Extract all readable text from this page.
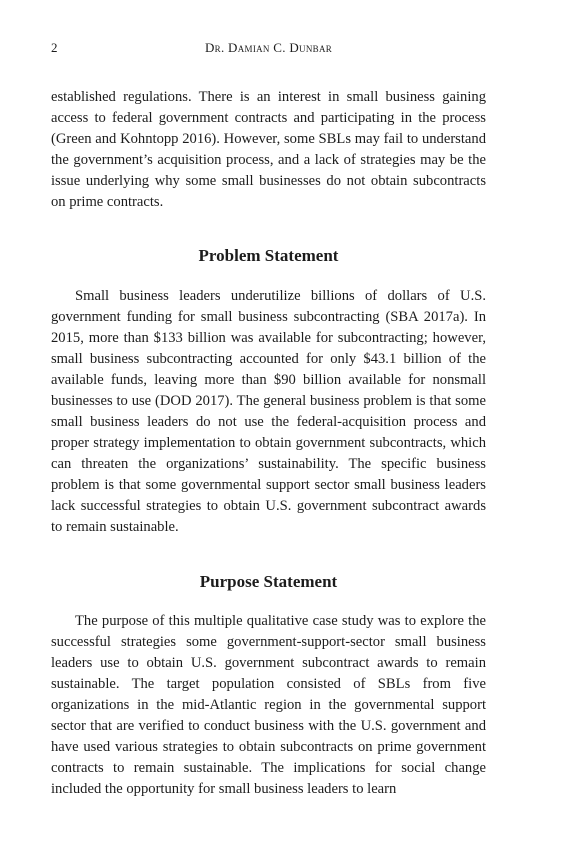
2	Dr. Damian C. Dunbar

established regulations. There is an interest in small business gaining access to federal government contracts and participating in the process (Green and Kohntopp 2016). However, some SBLs may fail to understand the government’s acquisition process, and a lack of strategies may be the issue underlying why some small businesses do not obtain subcontracts on prime contracts.

Problem Statement

Small business leaders underutilize billions of dollars of U.S. government funding for small business subcontracting (SBA 2017a). In 2015, more than $133 billion was available for subcontracting; however, small business subcontracting accounted for only $43.1 billion of the available funds, leaving more than $90 billion available for nonsmall businesses to use (DOD 2017). The general business problem is that some small business leaders do not use the federal-acquisition process and proper strategy implementation to obtain government subcontracts, which can threaten the organizations’ sustainability. The specific business problem is that some governmental support sector small business leaders lack successful strategies to obtain U.S. government subcontract awards to remain sustainable.

Purpose Statement

The purpose of this multiple qualitative case study was to explore the successful strategies some government-support-sector small business leaders use to obtain U.S. government subcontract awards to remain sustainable. The target population consisted of SBLs from five organizations in the mid-Atlantic region in the governmental support sector that are verified to conduct business with the U.S. government and have used various strategies to obtain subcontracts on prime government contracts to remain sustainable. The implications for social change included the opportunity for small business leaders to learn
